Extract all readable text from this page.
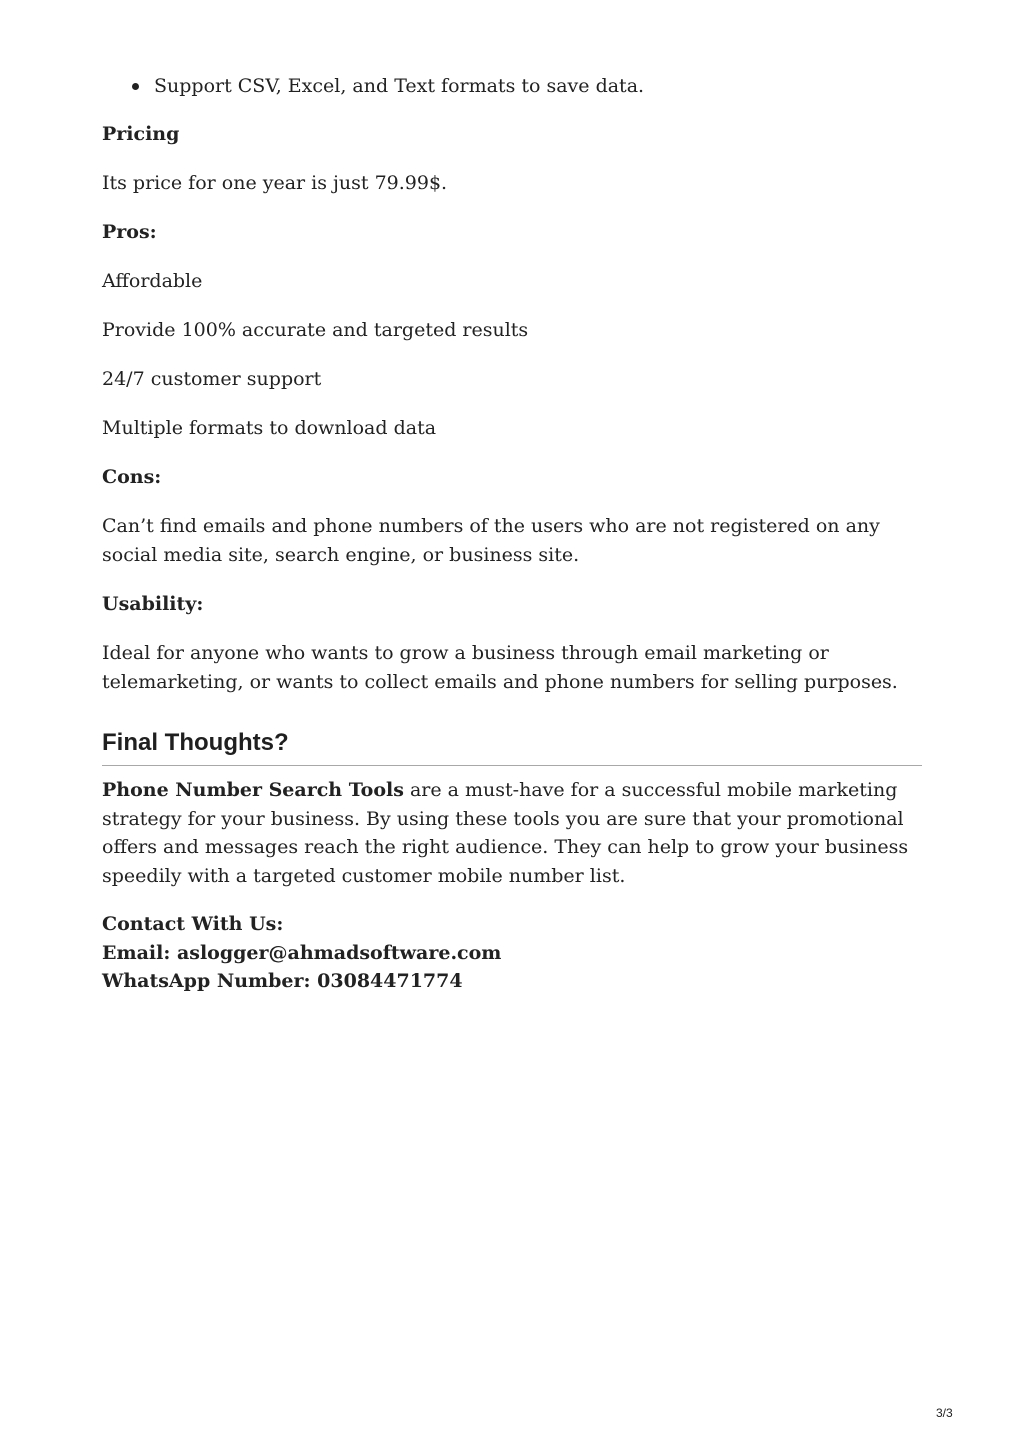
Support CSV, Excel, and Text formats to save data.

Pricing

Its price for one year is just 79.99$.

Pros:

Affordable

Provide 100% accurate and targeted results

24/7 customer support

Multiple formats to download data

Cons:

Can’t find emails and phone numbers of the users who are not registered on any social media site, search engine, or business site.

Usability:

Ideal for anyone who wants to grow a business through email marketing or telemarketing, or wants to collect emails and phone numbers for selling purposes.

Final Thoughts?

Phone Number Search Tools are a must-have for a successful mobile marketing strategy for your business. By using these tools you are sure that your promotional offers and messages reach the right audience. They can help to grow your business speedily with a targeted customer mobile number list.

Contact With Us:

Email: aslogger@ahmadsoftware.com

WhatsApp Number: 03084471774

3/3
